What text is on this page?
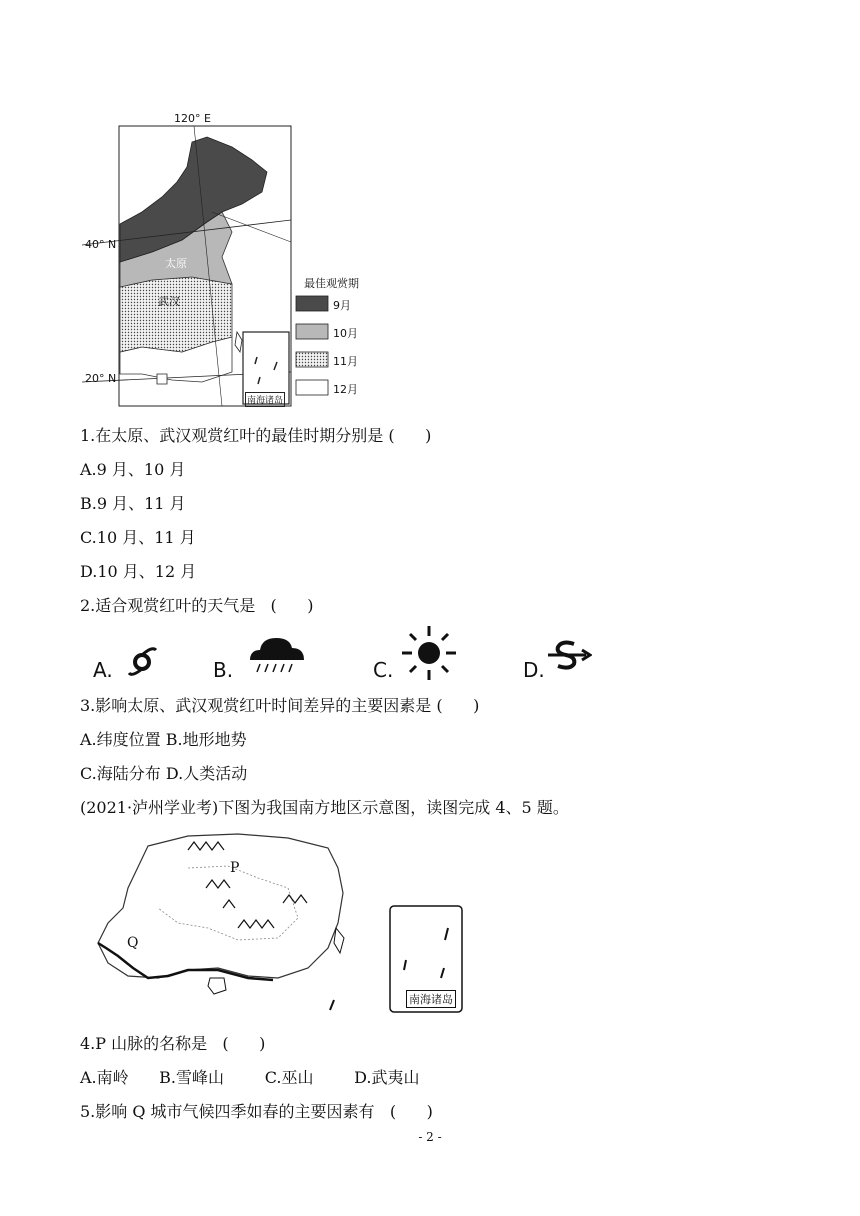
120° E
40° N
20° N
太原
武汉
最佳观赏期
9月
10月
11月
12月
南海诸岛
1.在太原、武汉观赏红叶的最佳时期分别是 (      )
A.9 月、10 月
B.9 月、11 月
C.10 月、11 月
D.10 月、12 月
2.适合观赏红叶的天气是   (      )
A.	B.	C.	D.
3.影响太原、武汉观赏红叶时间差异的主要因素是 (      )
A.纬度位置 B.地形地势
C.海陆分布 D.人类活动
(2021·泸州学业考)下图为我国南方地区示意图，读图完成 4、5 题。
P
Q
南海诸岛
4.P 山脉的名称是   (      )
A.南岭      B.雪峰山        C.巫山        D.武夷山
5.影响 Q 城市气候四季如春的主要因素有   (      )
- 2 -
